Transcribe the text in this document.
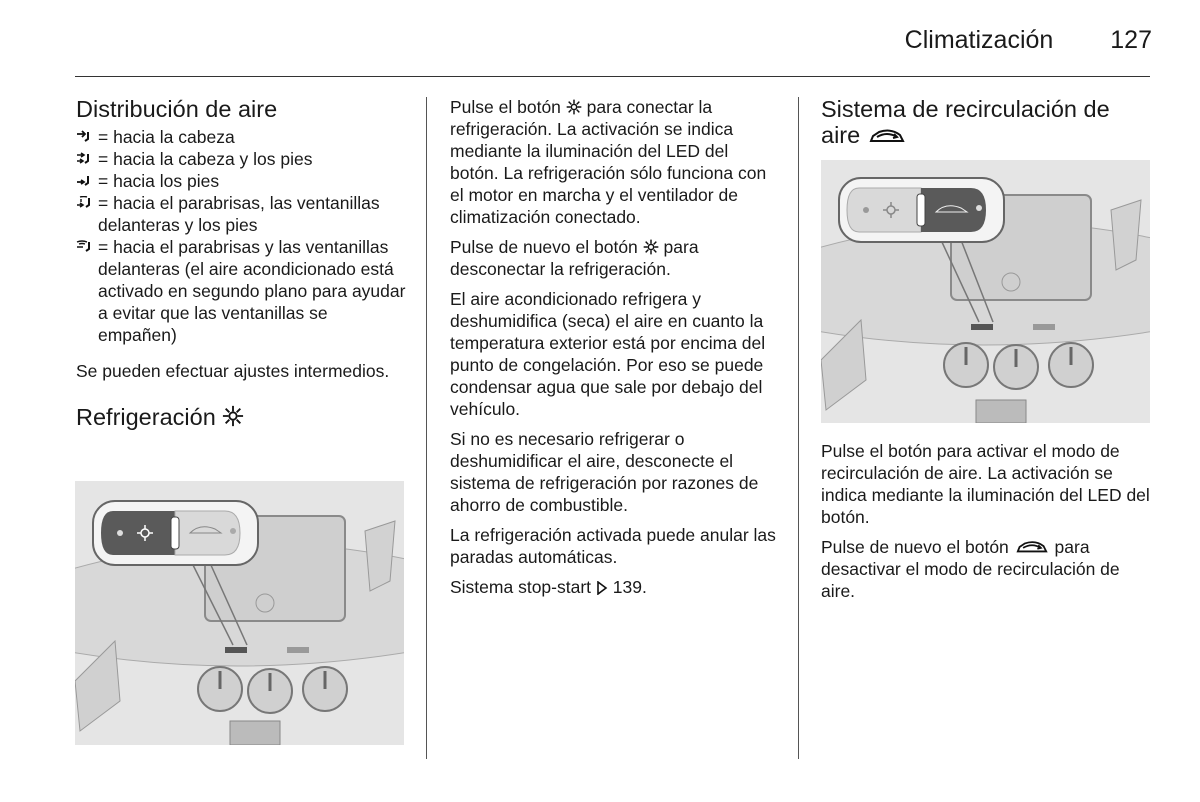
Climatización 127
Distribución de aire
= hacia la cabeza
= hacia la cabeza y los pies
= hacia los pies
= hacia el parabrisas, las ventanillas delanteras y los pies
= hacia el parabrisas y las ventanillas delanteras (el aire acondicionado está activado en segundo plano para ayudar a evitar que las ventanillas se empañen)

Se pueden efectuar ajustes intermedios.

Refrigeración

Pulse el botón para conectar la refrigeración. La activación se indica mediante la iluminación del LED del botón. La refrigeración sólo funciona con el motor en marcha y el ventilador de climatización conectado.

Pulse de nuevo el botón para desconectar la refrigeración.

El aire acondicionado refrigera y deshumidifica (seca) el aire en cuanto la temperatura exterior está por encima del punto de congelación. Por eso se puede condensar agua que sale por debajo del vehículo.

Si no es necesario refrigerar o deshumidificar el aire, desconecte el sistema de refrigeración por razones de ahorro de combustible.

La refrigeración activada puede anular las paradas automáticas.

Sistema stop-start 139.

Sistema de recirculación de aire

Pulse el botón para activar el modo de recirculación de aire. La activación se indica mediante la iluminación del LED del botón.

Pulse de nuevo el botón	para desactivar el modo de recirculación de aire.
